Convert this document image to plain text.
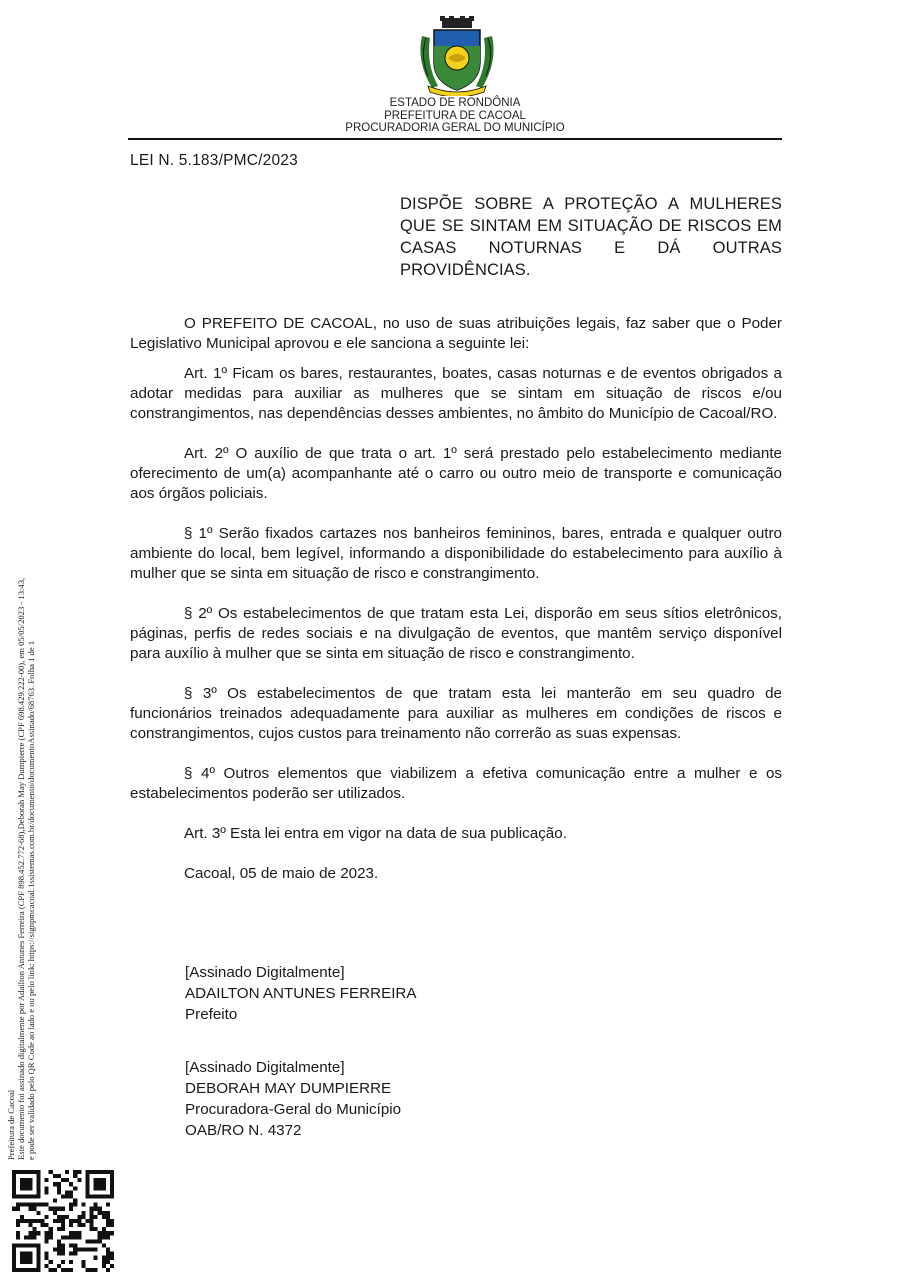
ESTADO DE RONDÔNIA
PREFEITURA DE CACOAL
PROCURADORIA GERAL DO MUNICÍPIO
LEI N. 5.183/PMC/2023
DISPÕE SOBRE A PROTEÇÃO A MULHERES QUE SE SINTAM EM SITUAÇÃO DE RISCOS EM CASAS NOTURNAS E DÁ OUTRAS PROVIDÊNCIAS.

O PREFEITO DE CACOAL, no uso de suas atribuições legais, faz saber que o Poder Legislativo Municipal aprovou e ele sanciona a seguinte lei:

Art. 1º Ficam os bares, restaurantes, boates, casas noturnas e de eventos obrigados a adotar medidas para auxiliar as mulheres que se sintam em situação de riscos e/ou constrangimentos, nas dependências desses ambientes, no âmbito do Município de Cacoal/RO.

Art. 2º O auxílio de que trata o art. 1º será prestado pelo estabelecimento mediante oferecimento de um(a) acompanhante até o carro ou outro meio de transporte e comunicação aos órgãos policiais.

§ 1º Serão fixados cartazes nos banheiros femininos, bares, entrada e qualquer outro ambiente do local, bem legível, informando a disponibilidade do estabelecimento para auxílio à mulher que se sinta em situação de risco e constrangimento.

§ 2º Os estabelecimentos de que tratam esta Lei, disporão em seus sítios eletrônicos, páginas, perfis de redes sociais e na divulgação de eventos, que mantêm serviço disponível para auxílio à mulher que se sinta em situação de risco e constrangimento.

§ 3º Os estabelecimentos de que tratam esta lei manterão em seu quadro de funcionários treinados adequadamente para auxiliar as mulheres em condições de riscos e constrangimentos, cujos custos para treinamento não correrão as suas expensas.

§ 4º Outros elementos que viabilizem a efetiva comunicação entre a mulher e os estabelecimentos poderão ser utilizados.

Art. 3º Esta lei entra em vigor na data de sua publicação.

Cacoal, 05 de maio de 2023.

[Assinado Digitalmente]
ADAILTON ANTUNES FERREIRA
Prefeito
[Assinado Digitalmente]
DEBORAH MAY DUMPIERRE
Procuradora-Geral do Município
OAB/RO N. 4372
Prefeitura de Cacoal Este documento foi assinado digitalmente por Adailton Antunes Ferreira (CPF 898.452.772-68),Deborah May Dumpierre (CPF 698.429.222-00), em 05/05/2023 - 13:43, e pode ser validado pelo QR Code ao lado e ou pelo link: https://signpmcacoal.1ssistemas.com.br/documento/documentoAssinado/68763. Folha 1 de 1
